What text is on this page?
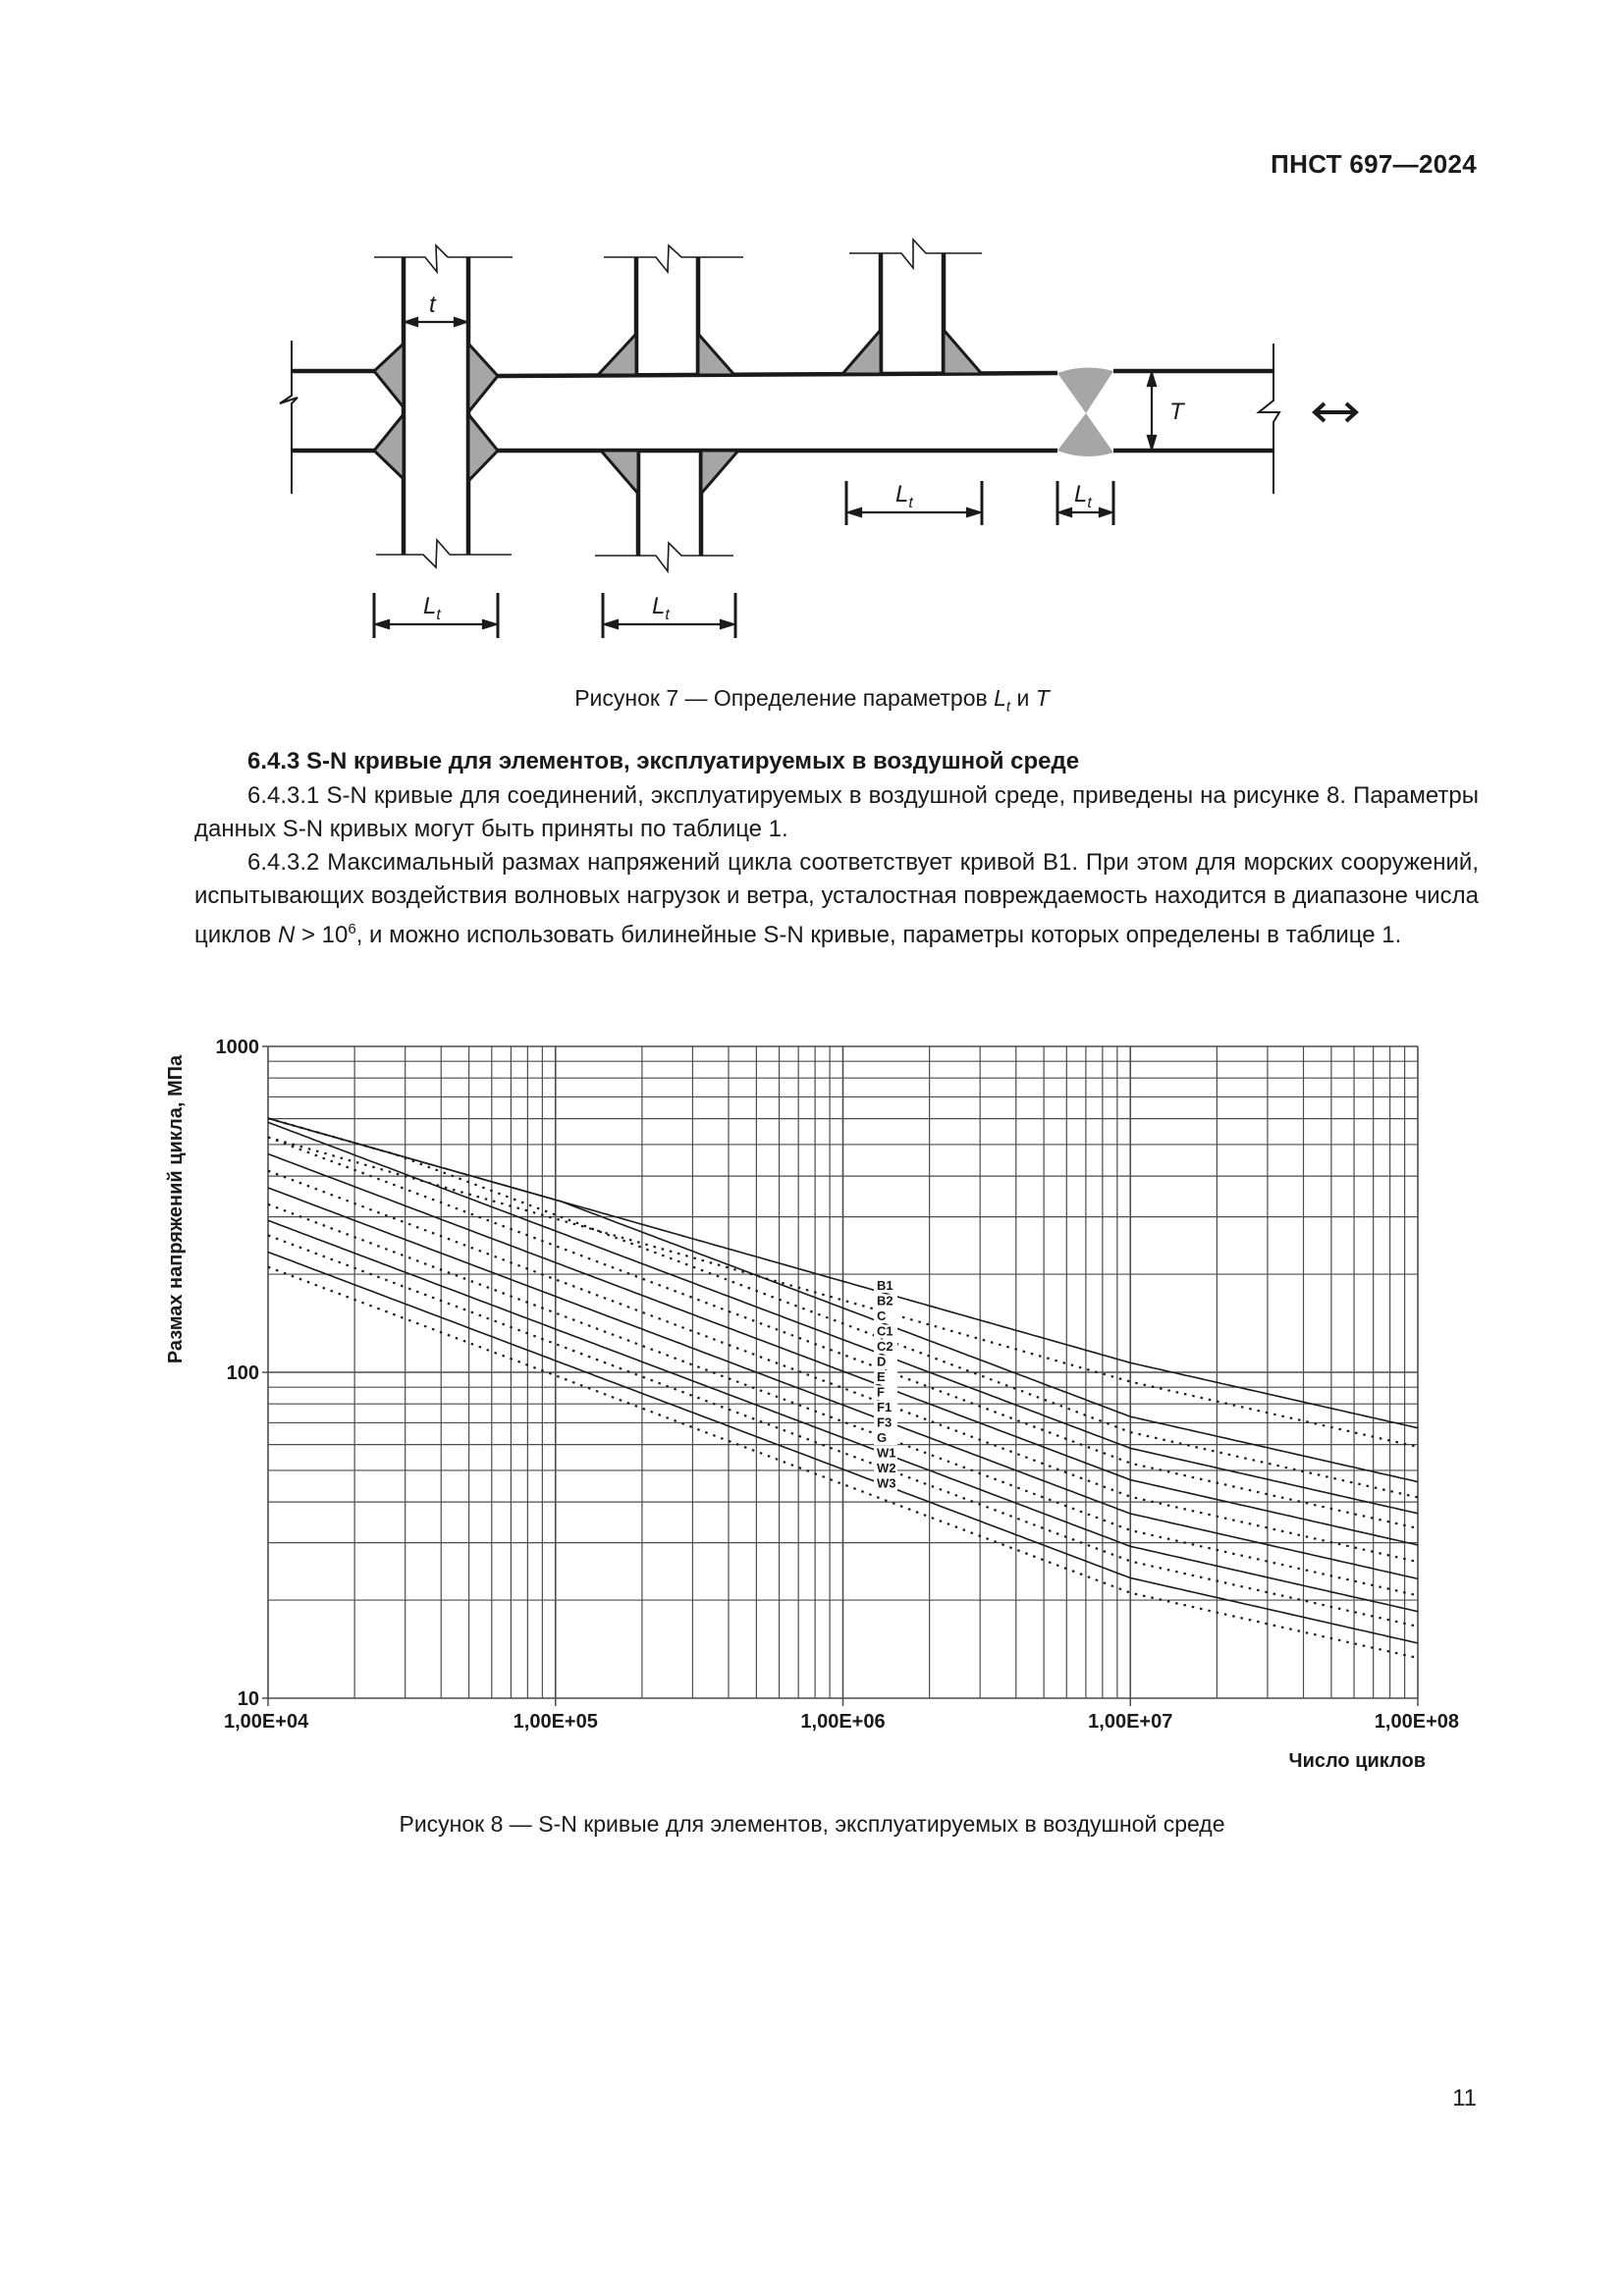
ПНСТ 697—2024
t
$L_t$	$L_t$
$L_t$	$L_t$
T
Рисунок 7 — Определение параметров $L_t$ и T
6.4.3 S-N кривые для элементов, эксплуатируемых в воздушной среде
6.4.3.1 S-N кривые для соединений, эксплуатируемых в воздушной среде, приведены на рисунке 8. Параметры данных S-N кривых могут быть приняты по таблице 1.
6.4.3.2 Максимальный размах напряжений цикла соответствует кривой B1. При этом для морских сооружений, испытывающих воздействия волновых нагрузок и ветра, усталостная повреждаемость находится в диапазоне числа циклов $N > 10^6$, и можно использовать билинейные S-N кривые, параметры которых определены в таблице 1.
B1
B2
C
C1
C2
D
E
F
F1
F3
G
W1
W2
W3
1,00E+04	1,00E+05	1,00E+06	1,00E+07	1,00E+08
10
100
1000
Размах напряжений цикла, МПа
Число циклов
Рисунок 8 — S-N кривые для элементов, эксплуатируемых в воздушной среде
11
